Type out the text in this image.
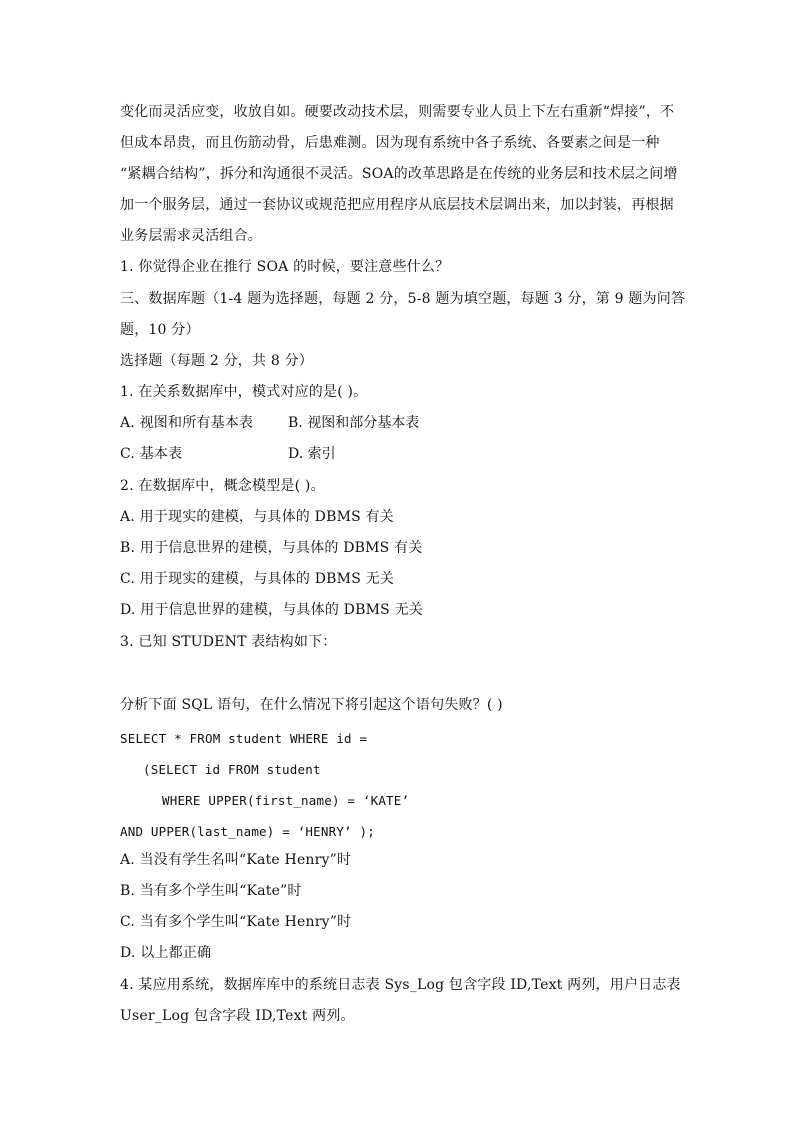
变化而灵活应变，收放自如。硬要改动技术层，则需要专业人员上下左右重新“焊接”，不
但成本昂贵，而且伤筋动骨，后患难测。因为现有系统中各子系统、各要素之间是一种
“紧耦合结构”，拆分和沟通很不灵活。SOA的改革思路是在传统的业务层和技术层之间增
加一个服务层，通过一套协议或规范把应用程序从底层技术层调出来，加以封装，再根据
业务层需求灵活组合。
1. 你觉得企业在推行 SOA 的时候，要注意些什么？
三、数据库题（1-4 题为选择题，每题 2 分，5-8 题为填空题，每题 3 分，第 9 题为问答
题，10 分）
选择题（每题 2 分，共 8 分）
1. 在关系数据库中，模式对应的是( )。
A. 视图和所有基本表 B. 视图和部分基本表
C. 基本表	D. 索引
2. 在数据库中，概念模型是( )。
A. 用于现实的建模，与具体的 DBMS 有关
B. 用于信息世界的建模，与具体的 DBMS 有关
C. 用于现实的建模，与具体的 DBMS 无关
D. 用于信息世界的建模，与具体的 DBMS 无关
3. 已知 STUDENT 表结构如下：
分析下面 SQL 语句，在什么情况下将引起这个语句失败？( )
SELECT * FROM student WHERE id =
(SELECT id FROM student
WHERE UPPER(first_name) = ‘KATE’
AND UPPER(last_name) = ‘HENRY’ );
A. 当没有学生名叫“Kate Henry”时
B. 当有多个学生叫“Kate”时
C. 当有多个学生叫“Kate Henry”时
D. 以上都正确
4. 某应用系统，数据库库中的系统日志表 Sys_Log 包含字段 ID,Text 两列，用户日志表
User_Log 包含字段 ID,Text 两列。
